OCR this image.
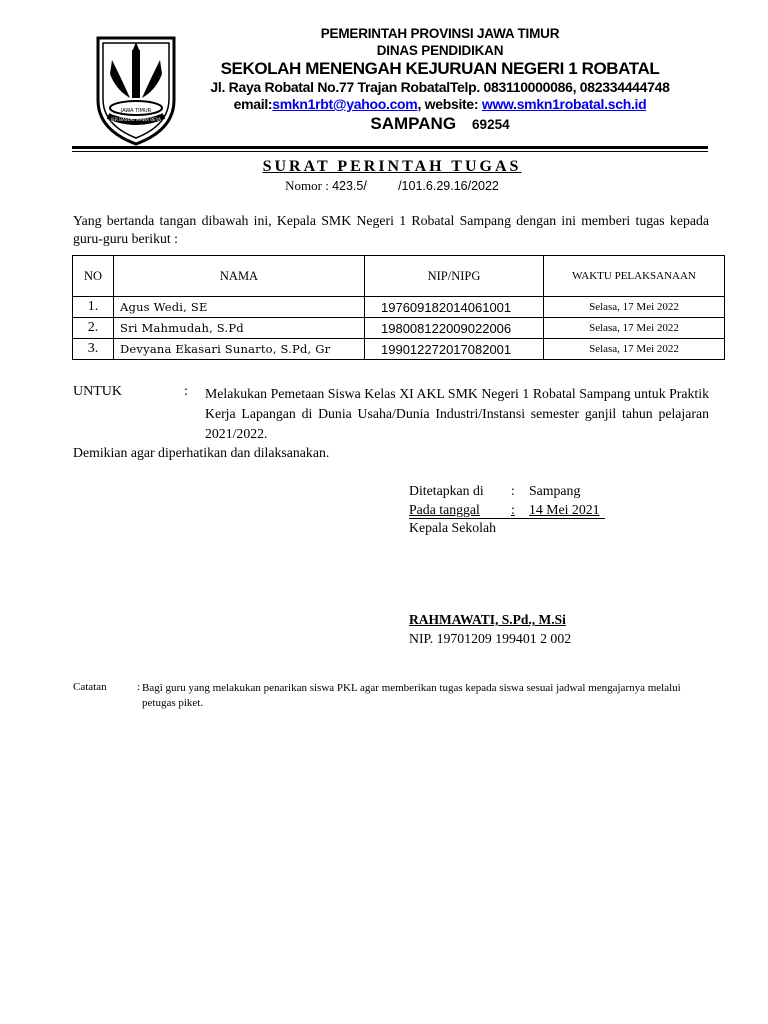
JAWA TIMUR
JER BASUKI MAWA BEYA
PEMERINTAH PROVINSI JAWA TIMUR
DINAS PENDIDIKAN
SEKOLAH MENENGAH KEJURUAN NEGERI 1 ROBATAL
Jl. Raya Robatal No.77 Trajan RobatalTelp. 083110000086, 082334444748
email:smkn1rbt@yahoo.com, website: www.smkn1robatal.sch.id
SAMPANG 69254
SURAT PERINTAH TUGAS
Nomor : 423.5/         /101.6.29.16/2022
Yang bertanda tangan dibawah ini, Kepala SMK Negeri 1 Robatal Sampang dengan ini memberi tugas kepada guru-guru berikut :
NO	NAMA	NIP/NIPG	WAKTU PELAKSANAAN
1.	Agus Wedi, SE	197609182014061001	Selasa, 17 Mei 2022
2.	Sri Mahmudah, S.Pd	198008122009022006	Selasa, 17 Mei 2022
3.	Devyana Ekasari Sunarto, S.Pd, Gr	199012272017082001	Selasa, 17 Mei 2022
UNTUK	: Melakukan Pemetaan Siswa Kelas XI AKL SMK Negeri 1 Robatal Sampang untuk Praktik Kerja Lapangan di Dunia Usaha/Dunia Industri/Instansi semester ganjil tahun pelajaran 2021/2022.
Demikian agar diperhatikan dan dilaksanakan.
Ditetapkan di : Sampang
Pada tanggal : 14 Mei 2021
Kepala Sekolah
RAHMAWATI, S.Pd., M.Si
NIP. 19701209 199401 2 002
Catatan	: Bagi guru yang melakukan penarikan siswa PKL agar memberikan tugas kepada siswa sesuai jadwal mengajarnya melalui petugas piket.
